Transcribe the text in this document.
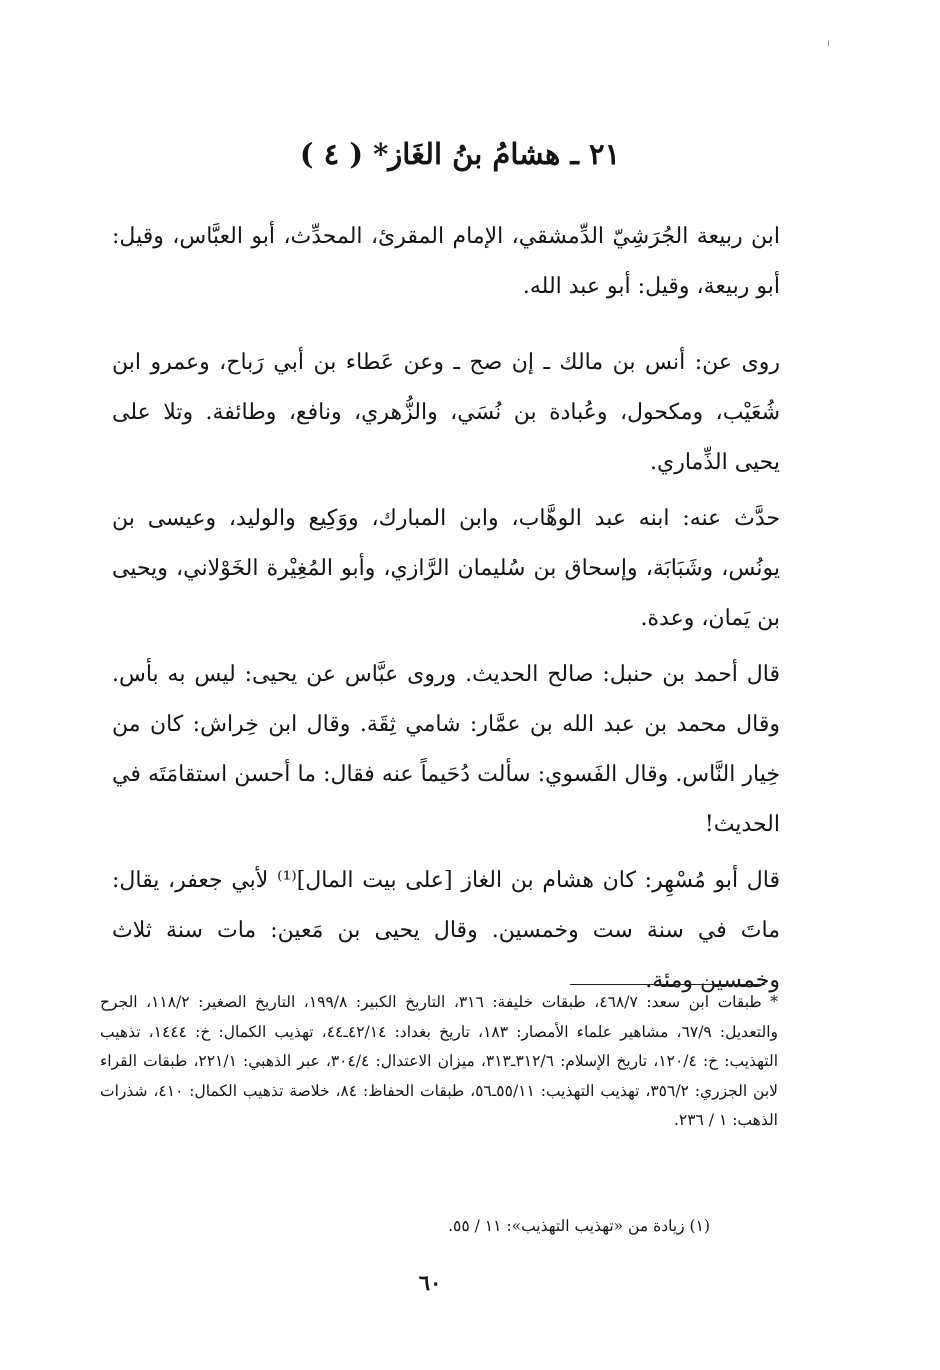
٢١ ـ هشامُ بنُ الغَاز* ( ٤ )

ابن ربيعة الجُرَشِيّ الدِّمشقي، الإمام المقرئ، المحدِّث، أبو العبَّاس، وقيل: أبو ربيعة، وقيل: أبو عبد الله.

روى عن: أنس بن مالك ـ إن صح ـ وعن عَطاء بن أبي رَباح، وعمرو ابن شُعَيْب، ومكحول، وعُبادة بن نُسَي، والزُّهري، ونافع، وطائفة. وتلا على يحيى الذِّماري.

حدَّث عنه: ابنه عبد الوهَّاب، وابن المبارك، ووَكِيع والوليد، وعيسى بن يونُس، وشَبَابَة، وإسحاق بن سُليمان الرَّازي، وأبو المُغِيْرة الخَوْلاني، ويحيى بن يَمان، وعدة.

قال أحمد بن حنبل: صالح الحديث. وروى عبَّاس عن يحيى: ليس به بأس. وقال محمد بن عبد الله بن عمَّار: شامي ثِقَة. وقال ابن خِراش: كان من خِيار النَّاس. وقال الفَسوي: سألت دُحَيماً عنه فقال: ما أحسن استقامَتَه في الحديث!

قال أبو مُسْهِر: كان هشام بن الغاز [على بيت المال]⁽¹⁾ لأبي جعفر، يقال: ماتَ في سنة ست وخمسين. وقال يحيى بن مَعين: مات سنة ثلاث وخمسين ومئة.

* طبقات ابن سعد: ٤٦٨/٧، طبقات خليفة: ٣١٦، التاريخ الكبير: ١٩٩/٨، التاريخ الصغير: ١١٨/٢، الجرح والتعديل: ٦٧/٩، مشاهير علماء الأمصار: ١٨٣، تاريخ بغداد: ٤٢/١٤ـ٤٤، تهذيب الكمال: خ: ١٤٤٤، تذهيب التهذيب: خ: ١٢٠/٤، تاريخ الإسلام: ٣١٢/٦ـ٣١٣، ميزان الاعتدال: ٣٠٤/٤، عبر الذهبي: ٢٢١/١، طبقات القراء لابن الجزري: ٣٥٦/٢، تهذيب التهذيب: ٥٥/١١ـ٥٦، طبقات الحفاظ: ٨٤، خلاصة تذهيب الكمال: ٤١٠، شذرات الذهب: ١ / ٢٣٦.

(١) زيادة من «تهذيب التهذيب»: ١١ / ٥٥.

٦٠
